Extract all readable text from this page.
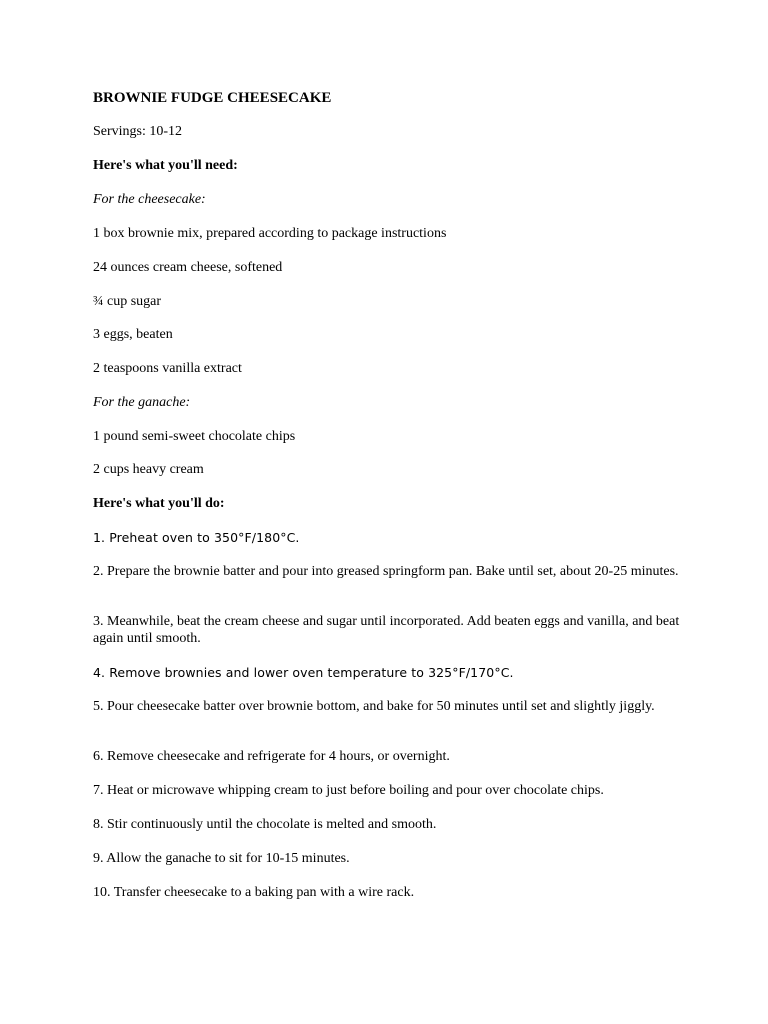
BROWNIE FUDGE CHEESECAKE
Servings: 10-12
Here's what you'll need:
For the cheesecake:
1 box brownie mix, prepared according to package instructions
24 ounces cream cheese, softened
¾ cup sugar
3 eggs, beaten
2 teaspoons vanilla extract
For the ganache:
1 pound semi-sweet chocolate chips
2 cups heavy cream
Here's what you'll do:
1. Preheat oven to 350°F/180°C.
2. Prepare the brownie batter and pour into greased springform pan. Bake until set, about 20-25 minutes.
3. Meanwhile, beat the cream cheese and sugar until incorporated. Add beaten eggs and vanilla, and beat again until smooth.
4. Remove brownies and lower oven temperature to 325°F/170°C.
5. Pour cheesecake batter over brownie bottom, and bake for 50 minutes until set and slightly jiggly.
6. Remove cheesecake and refrigerate for 4 hours, or overnight.
7. Heat or microwave whipping cream to just before boiling and pour over chocolate chips.
8. Stir continuously until the chocolate is melted and smooth.
9. Allow the ganache to sit for 10-15 minutes.
10. Transfer cheesecake to a baking pan with a wire rack.
